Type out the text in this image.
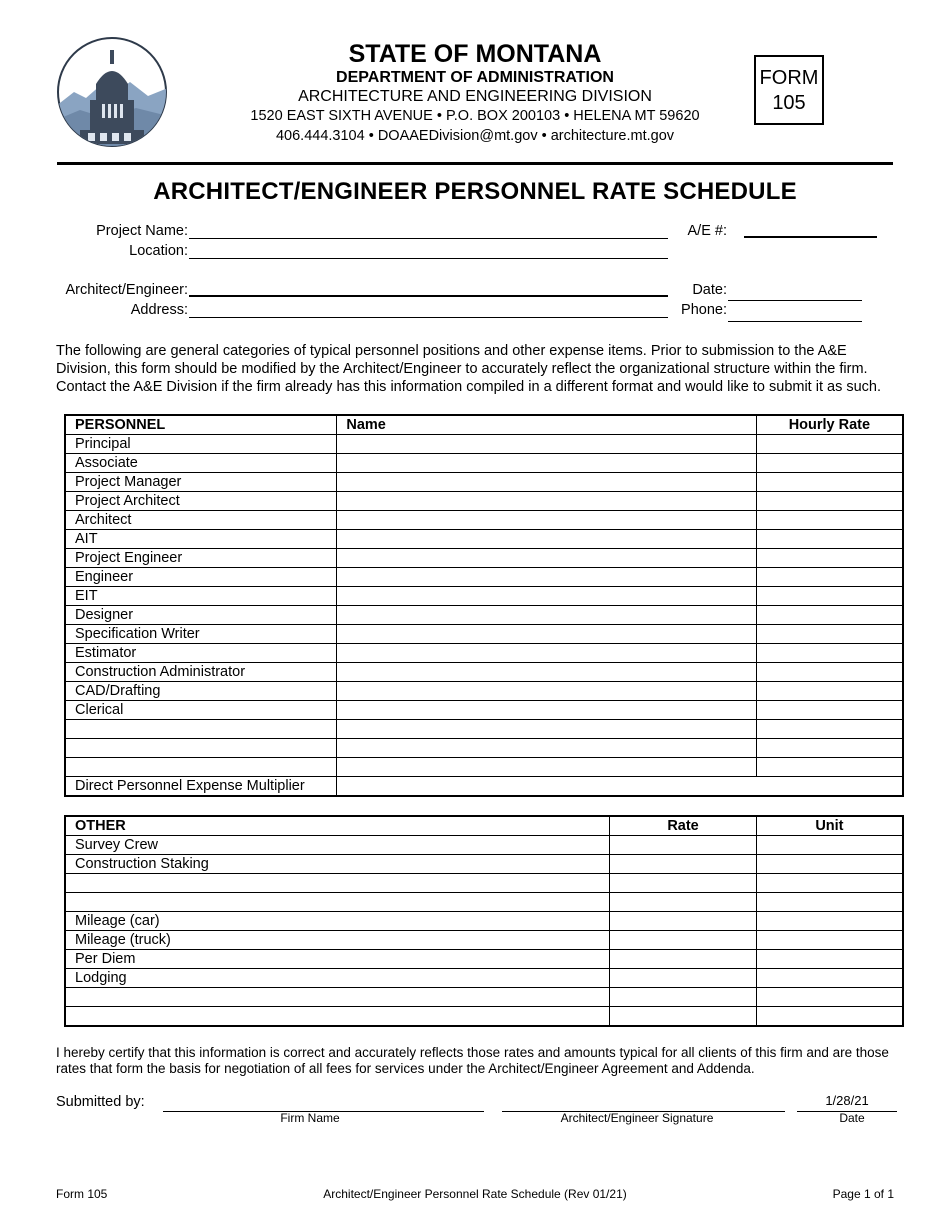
STATE OF MONTANA
DEPARTMENT OF ADMINISTRATION
ARCHITECTURE AND ENGINEERING DIVISION
1520 EAST SIXTH AVENUE • P.O. BOX 200103 • HELENA MT 59620
406.444.3104 • DOAAEDivision@mt.gov • architecture.mt.gov
FORM
105
ARCHITECT/ENGINEER PERSONNEL RATE SCHEDULE
Project Name:
Location:
A/E #:
Architect/Engineer:
Address:
Date:
Phone:
The following are general categories of typical personnel positions and other expense items. Prior to submission to the A&E Division, this form should be modified by the Architect/Engineer to accurately reflect the organizational structure within the firm. Contact the A&E Division if the firm already has this information compiled in a different format and would like to submit it as such.
PERSONNEL	Name	Hourly Rate
Principal		
Associate		
Project Manager		
Project Architect		
Architect		
AIT		
Project Engineer		
Engineer		
EIT		
Designer		
Specification Writer		
Estimator		
Construction Administrator		
CAD/Drafting		
Clerical		

Direct Personnel Expense Multiplier		
OTHER	Rate	Unit
Survey Crew		
Construction Staking		

Mileage (car)		
Mileage (truck)		
Per Diem		
Lodging		

I hereby certify that this information is correct and accurately reflects those rates and amounts typical for all clients of this firm and are those rates that form the basis for negotiation of all fees for services under the Architect/Engineer Agreement and Addenda.
Submitted by:
Firm Name	Architect/Engineer Signature
1/28/21
Date
Form 105	Architect/Engineer Personnel Rate Schedule (Rev 01/21)	Page 1 of 1
